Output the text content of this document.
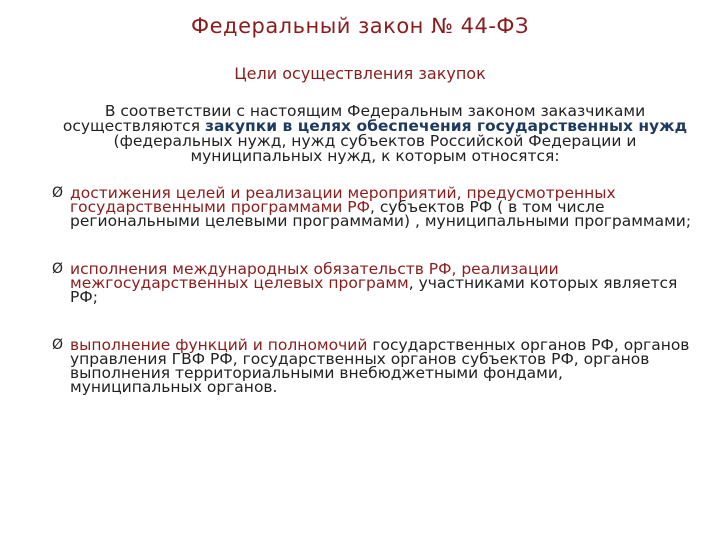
Федеральный закон № 44-ФЗ
Цели осуществления закупок
В соответствии с настоящим Федеральным законом заказчиками осуществляются закупки в целях обеспечения государственных нужд (федеральных нужд, нужд субъектов Российской Федерации и муниципальных нужд, к которым относятся:
Ø достижения целей и реализации мероприятий, предусмотренных государственными программами РФ, субъектов РФ ( в том числе региональными целевыми программами) , муниципальными программами;
Ø исполнения международных обязательств РФ, реализации межгосударственных целевых программ, участниками которых является РФ;
Ø выполнение функций и полномочий государственных органов РФ, органов управления ГВФ РФ, государственных органов субъектов РФ, органов выполнения территориальными внебюджетными фондами, муниципальных органов.
